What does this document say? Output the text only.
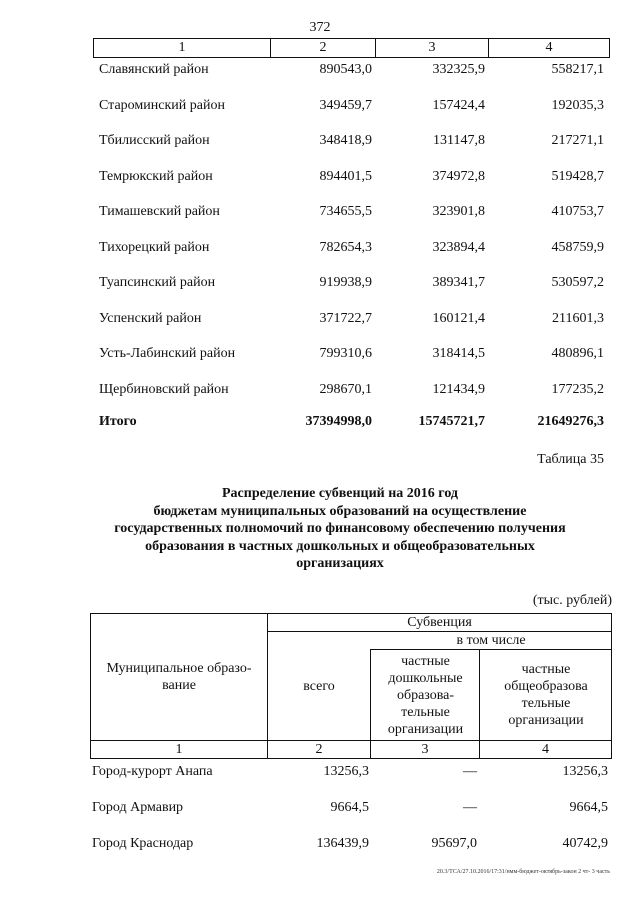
372
1	2	3	4
Славянский район	890543,0	332325,9	558217,1
Староминский район	349459,7	157424,4	192035,3
Тбилисский район	348418,9	131147,8	217271,1
Темрюкский район	894401,5	374972,8	519428,7
Тимашевский район	734655,5	323901,8	410753,7
Тихорецкий район	782654,3	323894,4	458759,9
Туапсинский район	919938,9	389341,7	530597,2
Успенский район	371722,7	160121,4	211601,3
Усть-Лабинский район	799310,6	318414,5	480896,1
Щербиновский район	298670,1	121434,9	177235,2
Итого	37394998,0	15745721,7	21649276,3
Таблица 35
Распределение субвенций на 2016 год
бюджетам муниципальных образований на осуществление
государственных полномочий по финансовому обеспечению получения
образования в частных дошкольных и общеобразовательных
организациях
(тыс. рублей)
Муниципальное образо-вание
Субвенция
всего
в том числе
частные дошкольные образова-тельные организации
частные общеобразова тельные организации
1	2	3	4
Город-курорт Анапа	13256,3	—	13256,3
Город Армавир	9664,5	—	9664,5
Город Краснодар	136439,9	95697,0	40742,9
20.3/ТСА/27.10.2016/17:31/нмм-бюджет-октябрь-закон 2 чт- 3 часть
